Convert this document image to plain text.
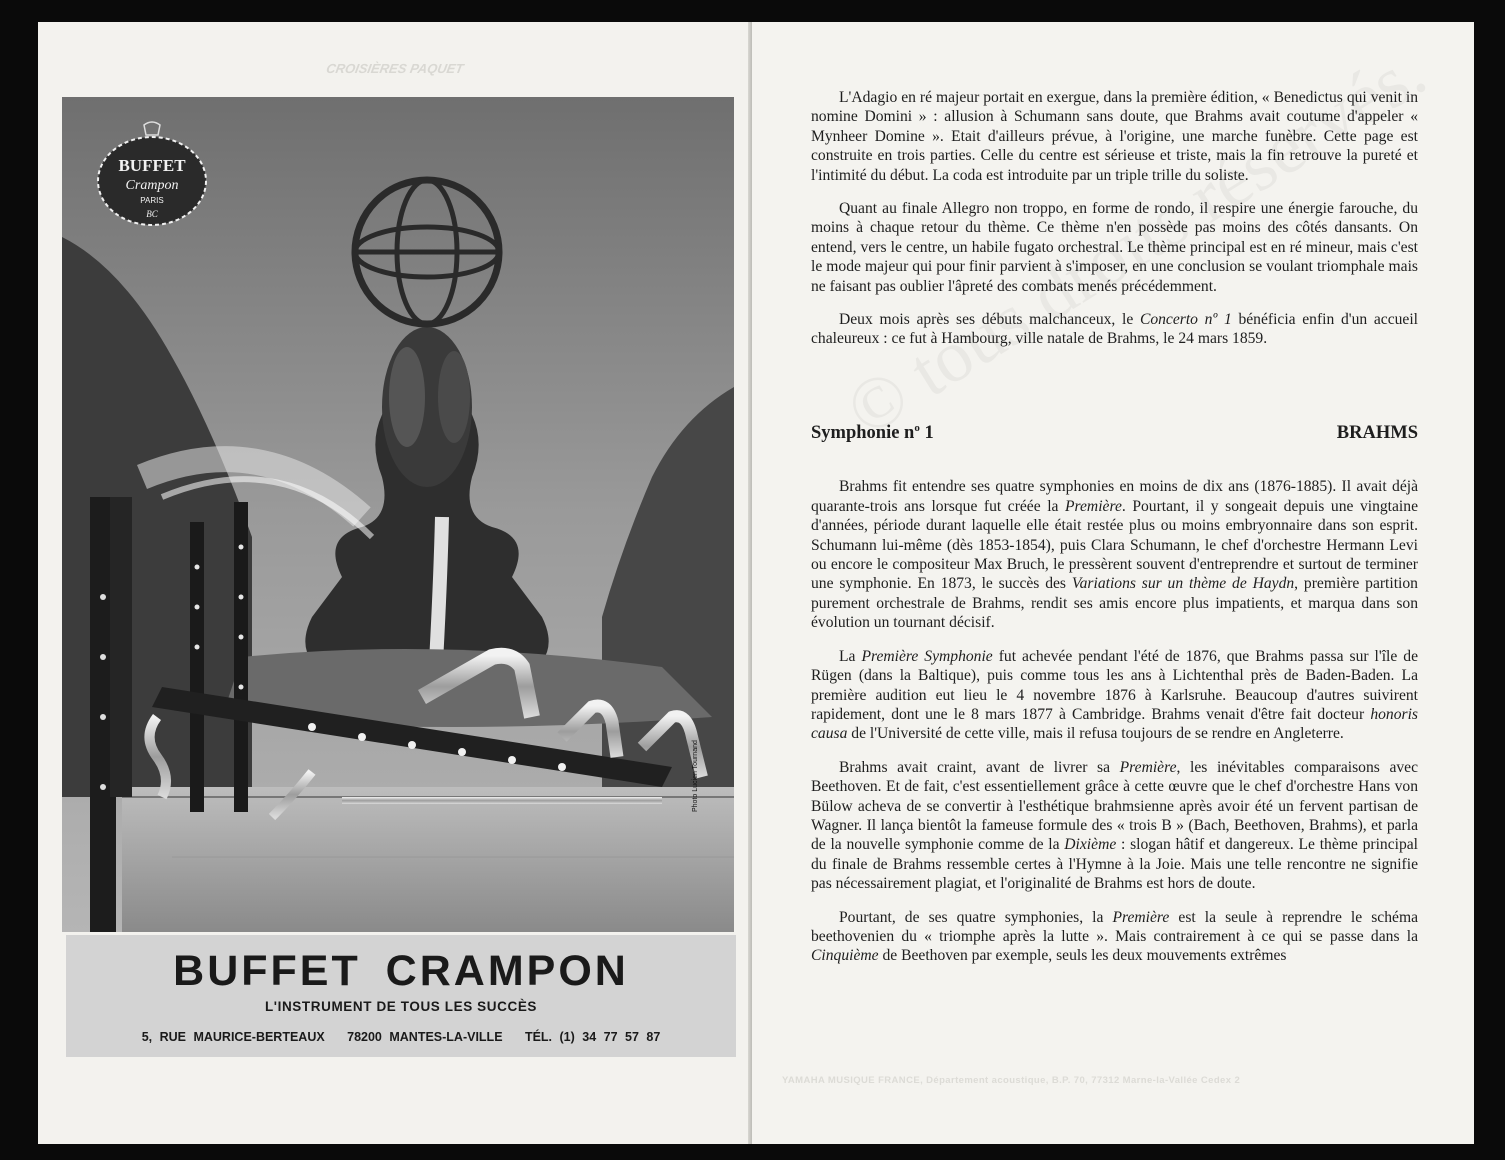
CROISIÈRES PAQUET
BUFFET
Crampon
PARIS
BC
Photo Lucien Tournand
BUFFET CRAMPON
L'INSTRUMENT DE TOUS LES SUCCÈS
5, RUE MAURICE-BERTEAUX   78200 MANTES-LA-VILLE   TÉL. (1) 34 77 57 87

L'Adagio en ré majeur portait en exergue, dans la première édition, « Benedictus qui venit in nomine Domini » : allusion à Schumann sans doute, que Brahms avait coutume d'appeler « Mynheer Domine ». Etait d'ailleurs prévue, à l'origine, une marche funèbre. Cette page est construite en trois parties. Celle du centre est sérieuse et triste, mais la fin retrouve la pureté et l'intimité du début. La coda est introduite par un triple trille du soliste.

Quant au finale Allegro non troppo, en forme de rondo, il respire une énergie farouche, du moins à chaque retour du thème. Ce thème n'en possède pas moins des côtés dansants. On entend, vers le centre, un habile fugato orchestral. Le thème principal est en ré mineur, mais c'est le mode majeur qui pour finir parvient à s'imposer, en une conclusion se voulant triomphale mais ne faisant pas oublier l'âpreté des combats menés précédemment.

Deux mois après ses débuts malchanceux, le Concerto nº 1 bénéficia enfin d'un accueil chaleureux : ce fut à Hambourg, ville natale de Brahms, le 24 mars 1859.

Symphonie $n^o$ 1	BRAHMS

Brahms fit entendre ses quatre symphonies en moins de dix ans (1876-1885). Il avait déjà quarante-trois ans lorsque fut créée la Première. Pourtant, il y songeait depuis une vingtaine d'années, période durant laquelle elle était restée plus ou moins embryonnaire dans son esprit. Schumann lui-même (dès 1853-1854), puis Clara Schumann, le chef d'orchestre Hermann Levi ou encore le compositeur Max Bruch, le pressèrent souvent d'entreprendre et surtout de terminer une symphonie. En 1873, le succès des Variations sur un thème de Haydn, première partition purement orchestrale de Brahms, rendit ses amis encore plus impatients, et marqua dans son évolution un tournant décisif.

La Première Symphonie fut achevée pendant l'été de 1876, que Brahms passa sur l'île de Rügen (dans la Baltique), puis comme tous les ans à Lichtenthal près de Baden-Baden. La première audition eut lieu le 4 novembre 1876 à Karlsruhe. Beaucoup d'autres suivirent rapidement, dont une le 8 mars 1877 à Cambridge. Brahms venait d'être fait docteur honoris causa de l'Université de cette ville, mais il refusa toujours de se rendre en Angleterre.

Brahms avait craint, avant de livrer sa Première, les inévitables comparaisons avec Beethoven. Et de fait, c'est essentiellement grâce à cette œuvre que le chef d'orchestre Hans von Bülow acheva de se convertir à l'esthétique brahmsienne après avoir été un fervent partisan de Wagner. Il lança bientôt la fameuse formule des « trois B » (Bach, Beethoven, Brahms), et parla de la nouvelle symphonie comme de la Dixième : slogan hâtif et dangereux. Le thème principal du finale de Brahms ressemble certes à l'Hymne à la Joie. Mais une telle rencontre ne signifie pas nécessairement plagiat, et l'originalité de Brahms est hors de doute.

Pourtant, de ses quatre symphonies, la Première est la seule à reprendre le schéma beethovenien du « triomphe après la lutte ». Mais contrairement à ce qui se passe dans la Cinquième de Beethoven par exemple, seuls les deux mouvements extrêmes

YAMAHA MUSIQUE FRANCE, Département acoustique, B.P. 70, 77312 Marne-la-Vallée Cedex 2
